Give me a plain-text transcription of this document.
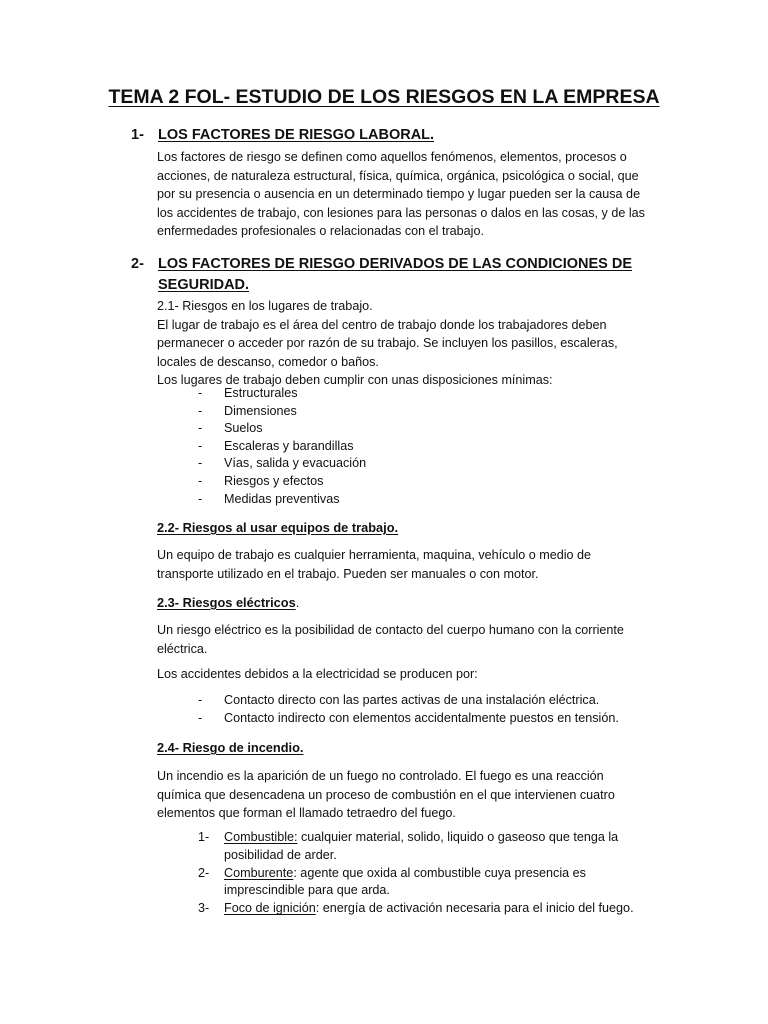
TEMA 2 FOL- ESTUDIO DE LOS RIESGOS EN LA EMPRESA
1- LOS FACTORES DE RIESGO LABORAL.
Los factores de riesgo se definen como aquellos fenómenos, elementos, procesos o
acciones, de naturaleza estructural, física, química, orgánica, psicológica o social, que
por su presencia o ausencia en un determinado tiempo y lugar pueden ser la causa de
los accidentes de trabajo, con lesiones para las personas o dalos en las cosas, y de las
enfermedades profesionales o relacionadas con el trabajo.
2- LOS FACTORES DE RIESGO DERIVADOS DE LAS CONDICIONES DE
SEGURIDAD.
2.1- Riesgos en los lugares de trabajo.
El lugar de trabajo es el área del centro de trabajo donde los trabajadores deben
permanecer o acceder por razón de su trabajo. Se incluyen los pasillos, escaleras,
locales de descanso, comedor o baños.
Los lugares de trabajo deben cumplir con unas disposiciones mínimas:
- Estructurales
- Dimensiones
- Suelos
- Escaleras y barandillas
- Vías, salida y evacuación
- Riesgos y efectos
- Medidas preventivas
2.2- Riesgos al usar equipos de trabajo.
Un equipo de trabajo es cualquier herramienta, maquina, vehículo o medio de
transporte utilizado en el trabajo. Pueden ser manuales o con motor.
2.3- Riesgos eléctricos.
Un riesgo eléctrico es la posibilidad de contacto del cuerpo humano con la corriente
eléctrica.
Los accidentes debidos a la electricidad se producen por:
- Contacto directo con las partes activas de una instalación eléctrica.
- Contacto indirecto con elementos accidentalmente puestos en tensión.
2.4- Riesgo de incendio.
Un incendio es la aparición de un fuego no controlado. El fuego es una reacción
química que desencadena un proceso de combustión en el que intervienen cuatro
elementos que forman el llamado tetraedro del fuego.
1- Combustible: cualquier material, solido, liquido o gaseoso que tenga la posibilidad de arder.
2- Comburente: agente que oxida al combustible cuya presencia es imprescindible para que arda.
3- Foco de ignición: energía de activación necesaria para el inicio del fuego.
